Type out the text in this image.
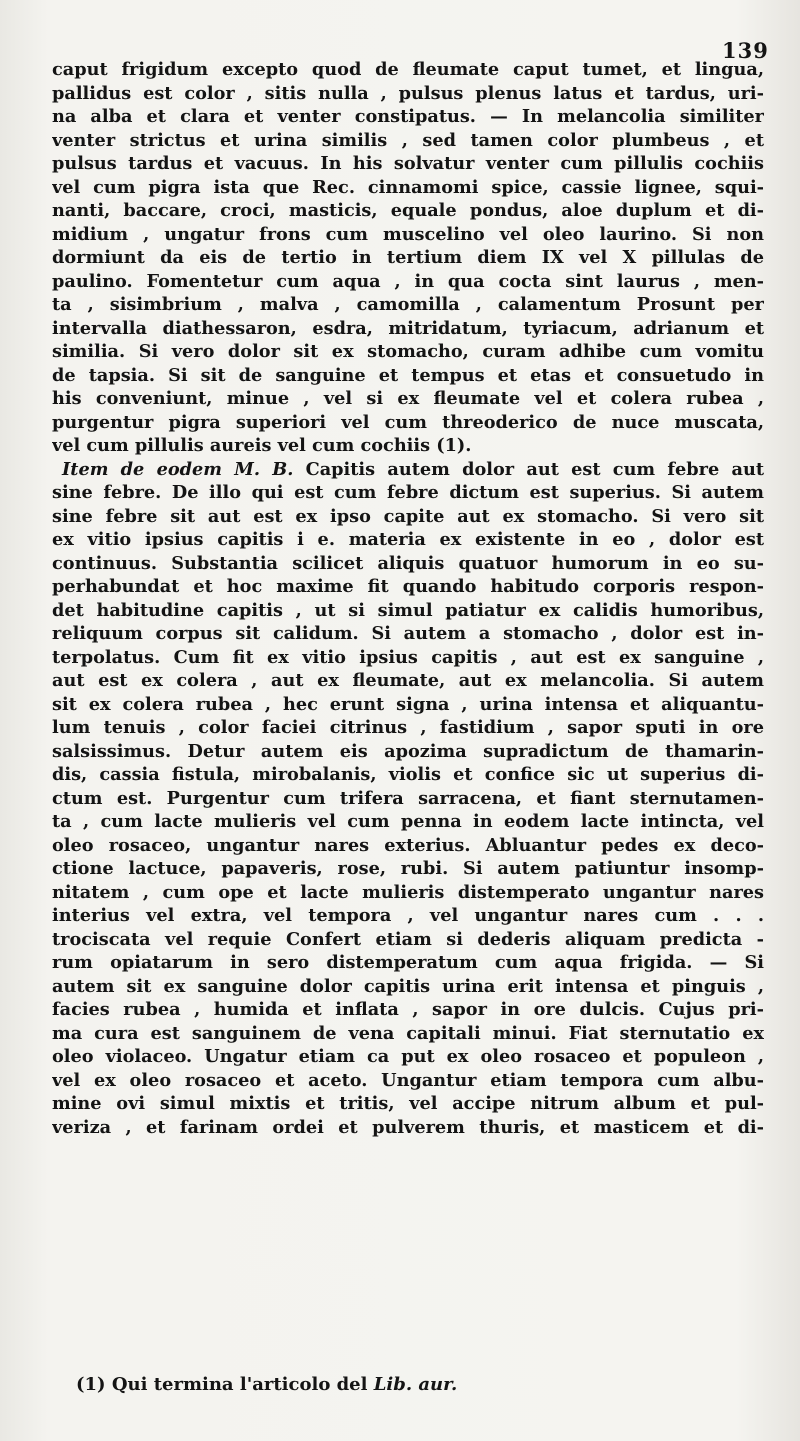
139
caput frigidum excepto quod de fleumate caput tumet, et lingua,
pallidus est color , sitis nulla , pulsus plenus latus et tardus, uri-
na alba et clara et venter constipatus. — In melancolia similiter
venter strictus et urina similis , sed tamen color plumbeus , et
pulsus tardus et vacuus. In his solvatur venter cum pillulis cochiis
vel cum pigra ista que Rec. cinnamomi spice, cassie lignee, squi-
nanti, baccare, croci, masticis, equale pondus, aloe duplum et di-
midium , ungatur frons cum muscelino vel oleo laurino. Si non
dormiunt da eis de tertio in tertium diem IX vel X pillulas de
paulino. Fomentetur cum aqua , in qua cocta sint laurus , men-
ta , sisimbrium , malva , camomilla , calamentum Prosunt per
intervalla diathessaron, esdra, mitridatum, tyriacum, adrianum et
similia. Si vero dolor sit ex stomacho, curam adhibe cum vomitu
de tapsia. Si sit de sanguine et tempus et etas et consuetudo in
his conveniunt, minue , vel si ex fleumate vel et colera rubea ,
purgentur pigra superiori vel cum threoderico de nuce muscata,
vel cum pillulis aureis vel cum cochiis (1).
Item de eodem M. B. Capitis autem dolor aut est cum febre aut
sine febre. De illo qui est cum febre dictum est superius. Si autem
sine febre sit aut est ex ipso capite aut ex stomacho. Si vero sit
ex vitio ipsius capitis i e. materia ex existente in eo , dolor est
continuus. Substantia scilicet aliquis quatuor humorum in eo su-
perhabundat et hoc maxime fit quando habitudo corporis respon-
det habitudine capitis , ut si simul patiatur ex calidis humoribus,
reliquum corpus sit calidum. Si autem a stomacho , dolor est in-
terpolatus. Cum fit ex vitio ipsius capitis , aut est ex sanguine ,
aut est ex colera , aut ex fleumate, aut ex melancolia. Si autem
sit ex colera rubea , hec erunt signa , urina intensa et aliquantu-
lum tenuis , color faciei citrinus , fastidium , sapor sputi in ore
salsissimus. Detur autem eis apozima supradictum de thamarin-
dis, cassia fistula, mirobalanis, violis et confice sic ut superius di-
ctum est. Purgentur cum trifera sarracena, et fiant sternutamen-
ta , cum lacte mulieris vel cum penna in eodem lacte intincta, vel
oleo rosaceo, ungantur nares exterius. Abluantur pedes ex deco-
ctione lactuce, papaveris, rose, rubi. Si autem patiuntur insomp-
nitatem , cum ope et lacte mulieris distemperato ungantur nares
interius vel extra, vel tempora , vel ungantur nares cum . . .
trociscata vel requie Confert etiam si dederis aliquam predicta -
rum opiatarum in sero distemperatum cum aqua frigida. — Si
autem sit ex sanguine dolor capitis urina erit intensa et pinguis ,
facies rubea , humida et inflata , sapor in ore dulcis. Cujus pri-
ma cura est sanguinem de vena capitali minui. Fiat sternutatio ex
oleo violaceo. Ungatur etiam ca put ex oleo rosaceo et populeon ,
vel ex oleo rosaceo et aceto. Ungantur etiam tempora cum albu-
mine ovi simul mixtis et tritis, vel accipe nitrum album et pul-
veriza , et farinam ordei et pulverem thuris, et masticem et di-
(1) Qui termina l'articolo del Lib. aur.
